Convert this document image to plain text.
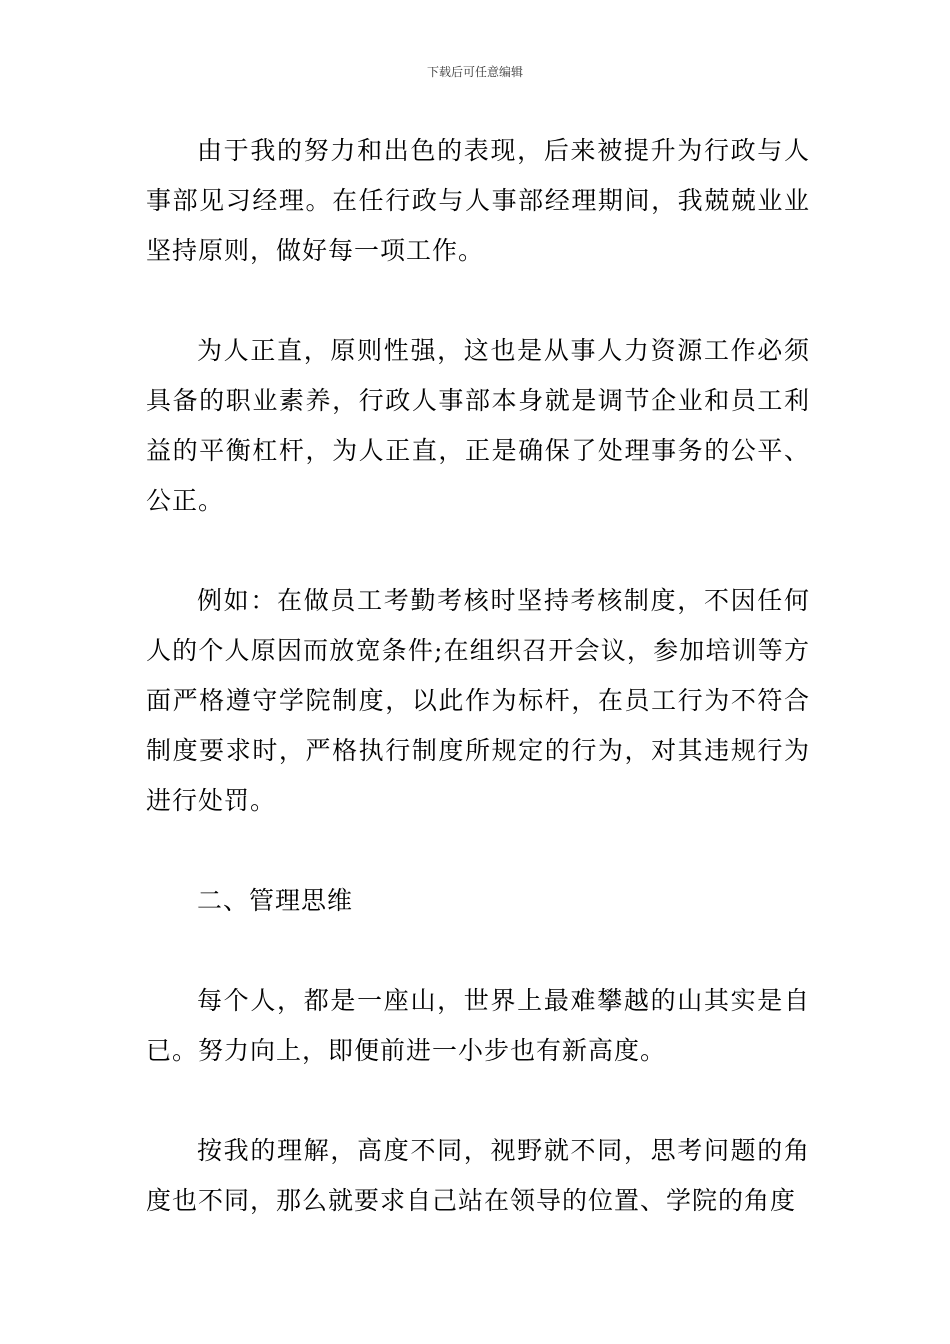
下载后可任意编辑

由于我的努力和出色的表现，后来被提升为行政与人事部见习经理。在任行政与人事部经理期间，我兢兢业业坚持原则，做好每一项工作。

为人正直，原则性强，这也是从事人力资源工作必须具备的职业素养，行政人事部本身就是调节企业和员工利益的平衡杠杆，为人正直，正是确保了处理事务的公平、公正。

例如：在做员工考勤考核时坚持考核制度，不因任何人的个人原因而放宽条件;在组织召开会议，参加培训等方面严格遵守学院制度，以此作为标杆，在员工行为不符合制度要求时，严格执行制度所规定的行为，对其违规行为进行处罚。

二、管理思维

每个人，都是一座山，世界上最难攀越的山其实是自已。努力向上，即便前进一小步也有新高度。

按我的理解，高度不同，视野就不同，思考问题的角度也不同，那么就要求自己站在领导的位置、学院的角度
